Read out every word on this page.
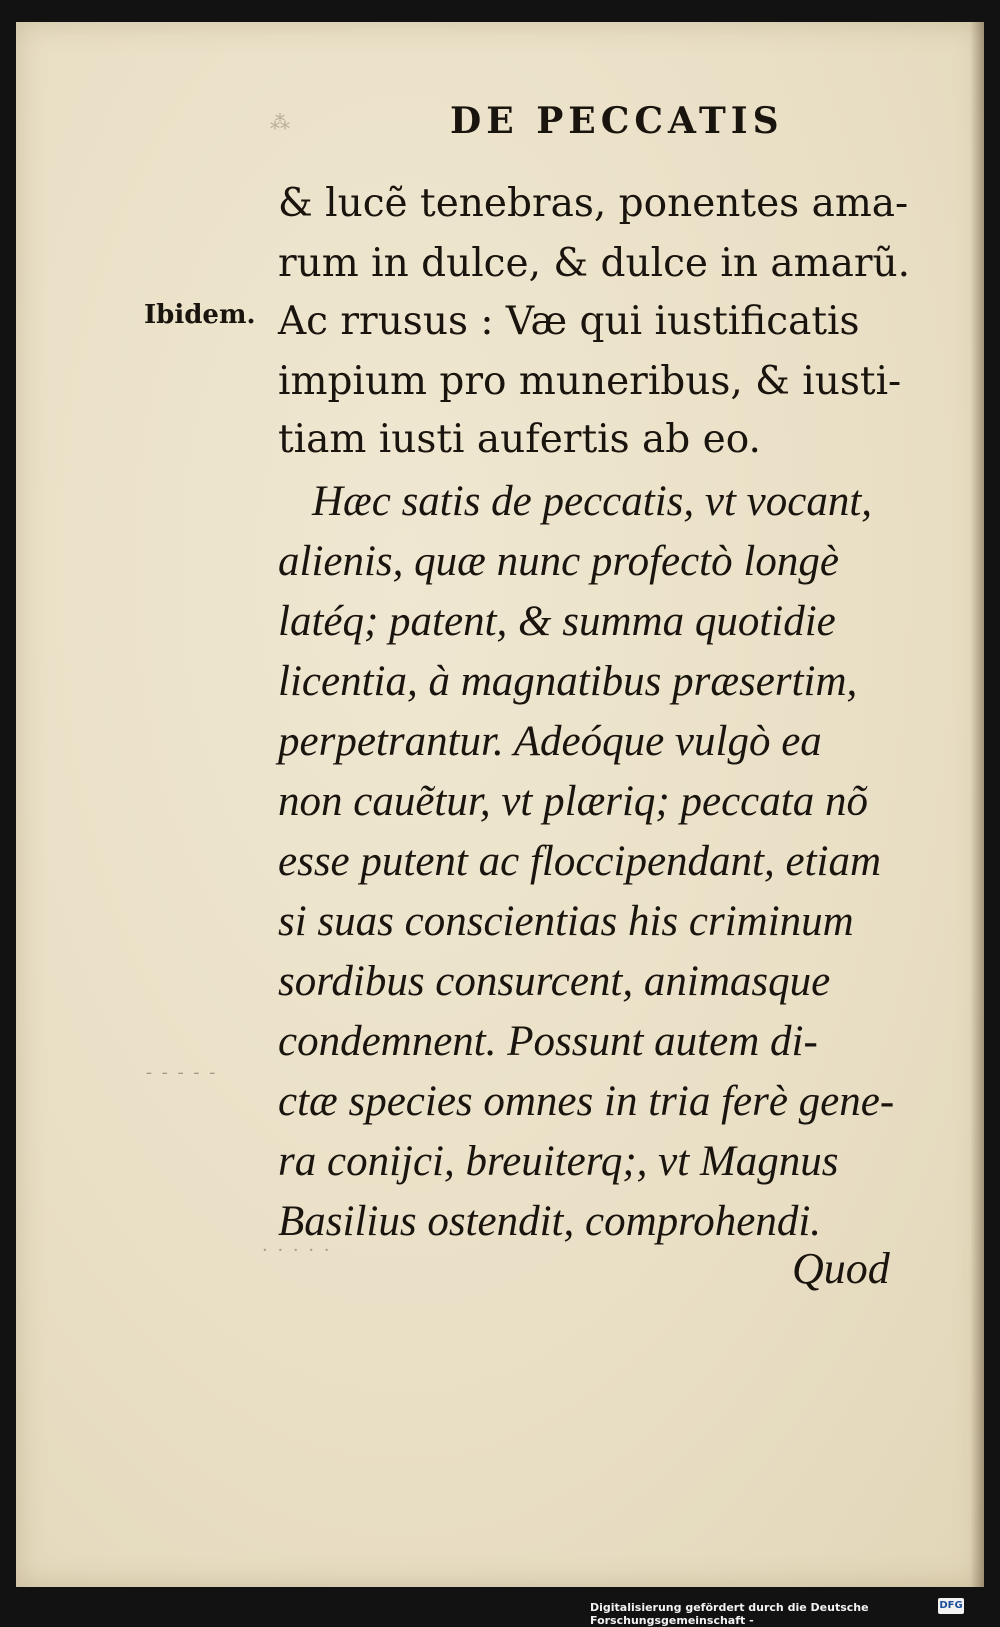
⁂	DE PECCATIS
Ibidem.
- - - - -
· · · · ·
& lucẽ tenebras, ponentes ama-
rum in dulce, & dulce in amarũ.
Ac rrusus : Væ qui iustificatis
impium pro muneribus, & iusti-
tiam iusti aufertis ab eo.
Hæc satis de peccatis, vt vocant,
alienis, quæ nunc profectò longè
latéq; patent, & summa quotidie
licentia, à magnatibus præsertim,
perpetrantur. Adeóque vulgò ea
non cauẽtur, vt plæriq; peccata nõ
esse putent ac floccipendant, etiam
si suas conscientias his criminum
sordibus consurcent, animasque
condemnent. Possunt autem di-
ctæ species omnes in tria ferè gene-
ra conijci, breuiterq;, vt Magnus
Basilius ostendit, comprohendi.
Quod
Digitalisierung gefördert durch die Deutsche Forschungsgemeinschaft -
DFG
